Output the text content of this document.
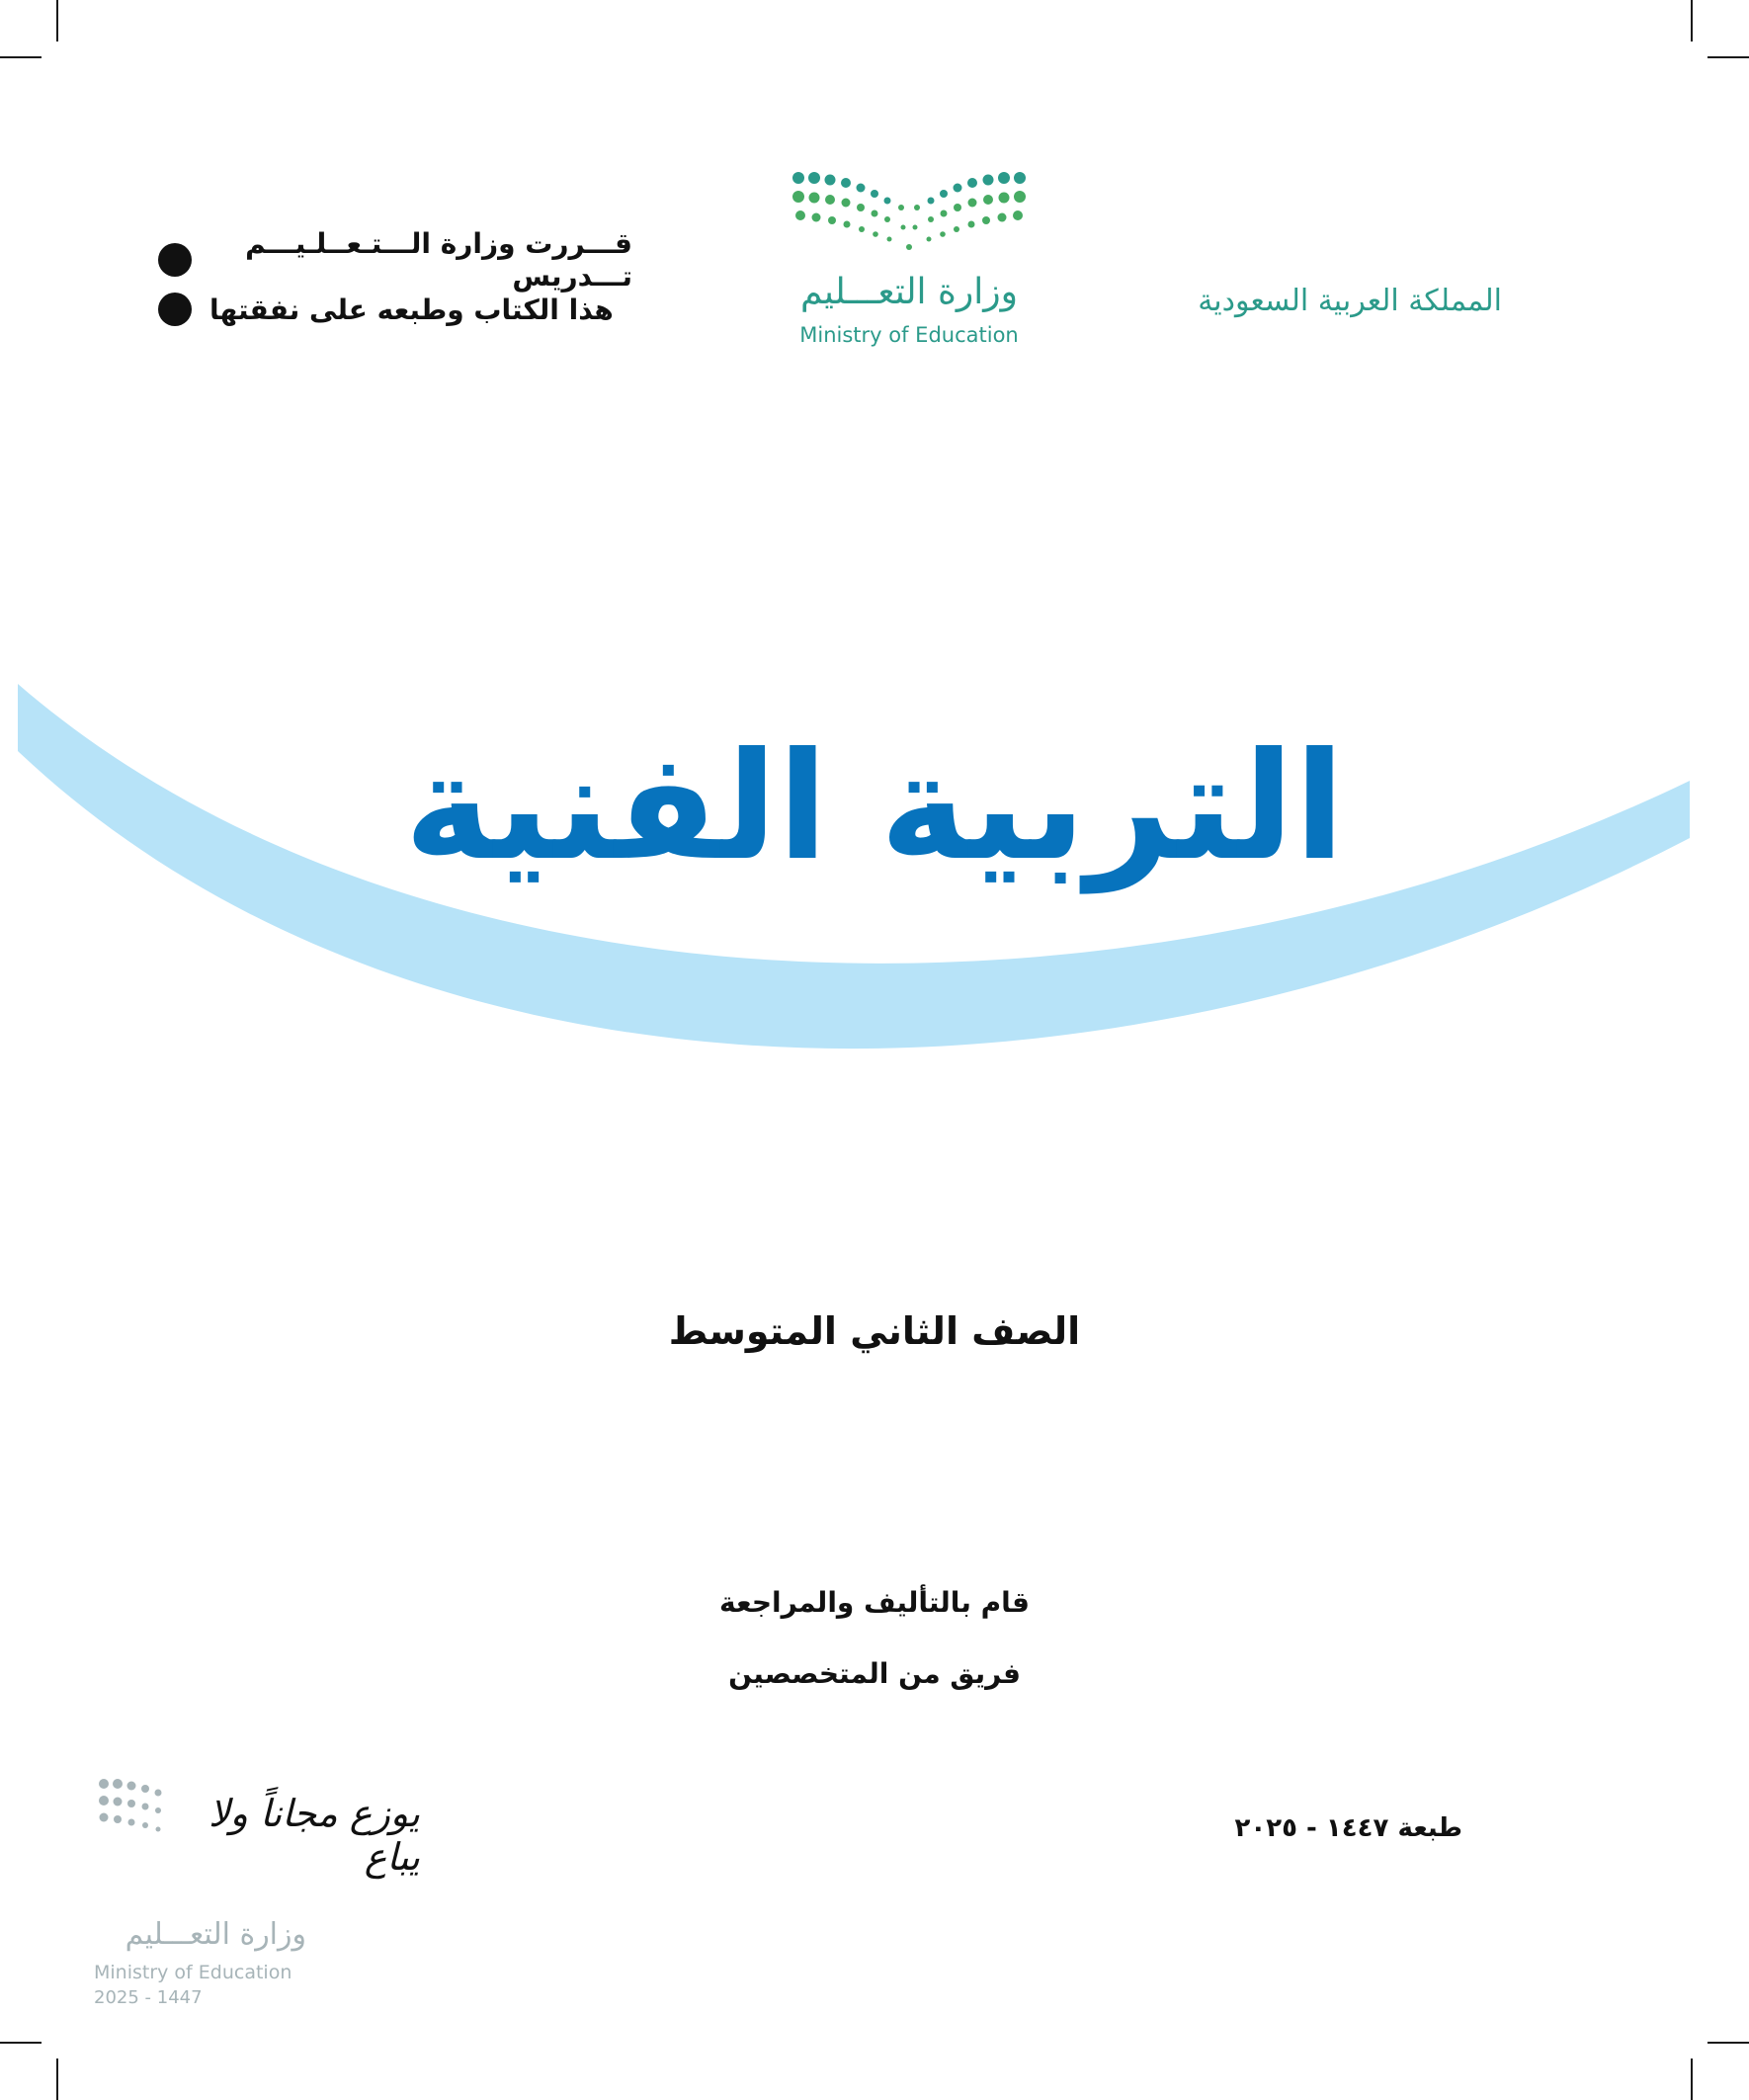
وزارة التعـــليم
Ministry of Education
المملكة العربية السعودية
قـــررت وزارة الـــتـعــلـيـــم تـــدريس
هذا الكتاب وطبعه على نفقتها
التربية الفنية
الصف الثاني المتوسط
قام بالتأليف والمراجعة
فريق من المتخصصين
طبعة ١٤٤٧ - ٢٠٢٥
يوزع مجاناً ولا يباع
وزارة التعـــليم
Ministry of Education
2025 - 1447
